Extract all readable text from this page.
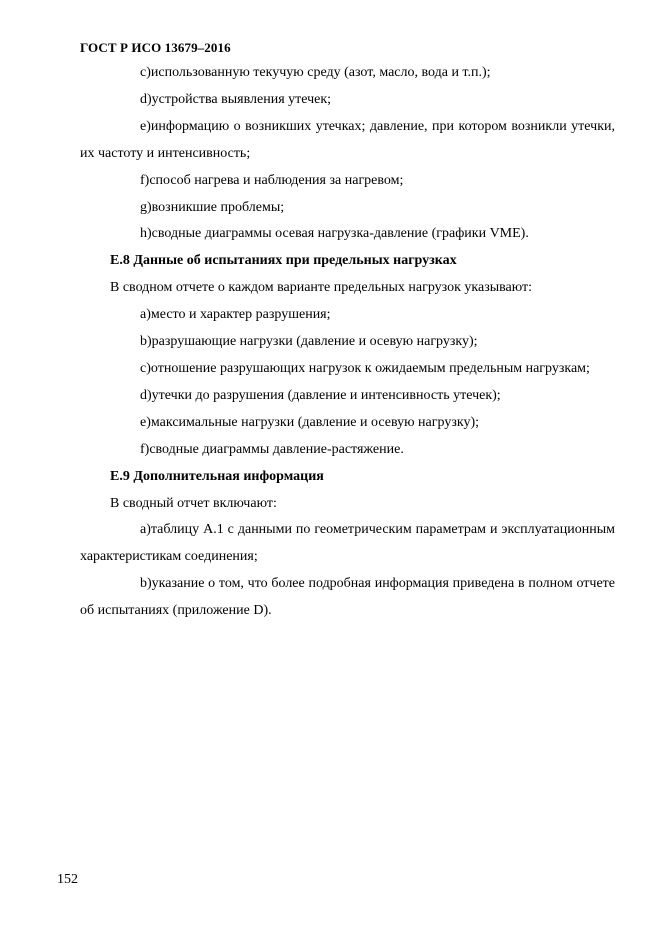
ГОСТ Р ИСО 13679–2016

c)использованную текучую среду (азот, масло, вода и т.п.);

d)устройства выявления утечек;

e)информацию о возникших утечках; давление, при котором возникли утечки, их частоту и интенсивность;

f)способ нагрева и наблюдения за нагревом;

g)возникшие проблемы;

h)сводные диаграммы осевая нагрузка-давление (графики VME).

Е.8 Данные об испытаниях при предельных нагрузках

В сводном отчете о каждом варианте предельных нагрузок указывают:

a)место и характер разрушения;

b)разрушающие нагрузки (давление и осевую нагрузку);

c)отношение разрушающих нагрузок к ожидаемым предельным нагрузкам;

d)утечки до разрушения (давление и интенсивность утечек);

e)максимальные нагрузки (давление и осевую нагрузку);

f)сводные диаграммы давление-растяжение.

Е.9 Дополнительная информация

В сводный отчет включают:

a)таблицу А.1 с данными по геометрическим параметрам и эксплуатационным характеристикам соединения;

b)указание о том, что более подробная информация приведена в полном отчете об испытаниях (приложение D).

152
